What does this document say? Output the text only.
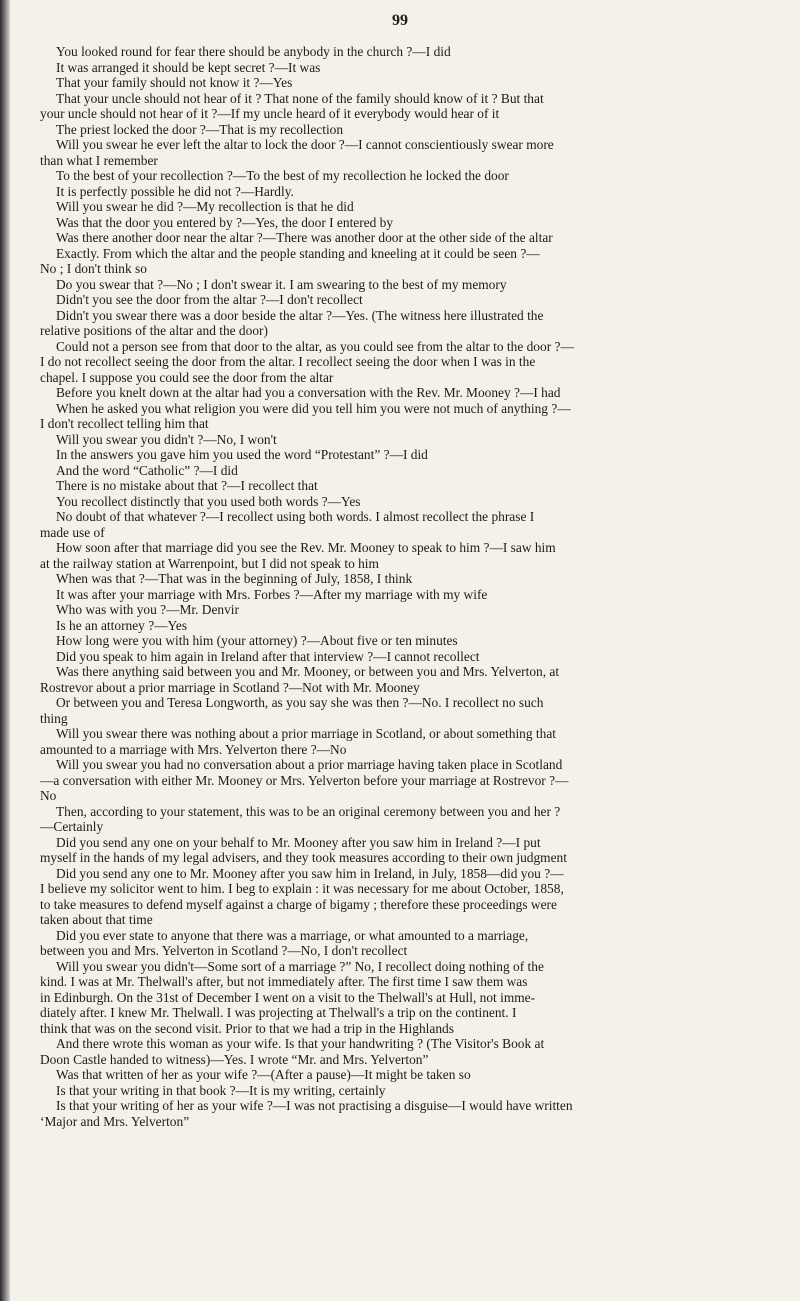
99
You looked round for fear there should be anybody in the church ?—I did
It was arranged it should be kept secret ?—It was
That your family should not know it ?—Yes
That your uncle should not hear of it ? That none of the family should know of it ? But that
your uncle should not hear of it ?—If my uncle heard of it everybody would hear of it
The priest locked the door ?—That is my recollection
Will you swear he ever left the altar to lock the door ?—I cannot conscientiously swear more
than what I remember
To the best of your recollection ?—To the best of my recollection he locked the door
It is perfectly possible he did not ?—Hardly.
Will you swear he did ?—My recollection is that he did
Was that the door you entered by ?—Yes, the door I entered by
Was there another door near the altar ?—There was another door at the other side of the altar
Exactly. From which the altar and the people standing and kneeling at it could be seen ?—
No ; I don't think so
Do you swear that ?—No ; I don't swear it. I am swearing to the best of my memory
Didn't you see the door from the altar ?—I don't recollect
Didn't you swear there was a door beside the altar ?—Yes. (The witness here illustrated the
relative positions of the altar and the door)
Could not a person see from that door to the altar, as you could see from the altar to the door ?—
I do not recollect seeing the door from the altar. I recollect seeing the door when I was in the
chapel. I suppose you could see the door from the altar
Before you knelt down at the altar had you a conversation with the Rev. Mr. Mooney ?—I had
When he asked you what religion you were did you tell him you were not much of anything ?—
I don't recollect telling him that
Will you swear you didn't ?—No, I won't
In the answers you gave him you used the word “Protestant” ?—I did
And the word “Catholic” ?—I did
There is no mistake about that ?—I recollect that
You recollect distinctly that you used both words ?—Yes
No doubt of that whatever ?—I recollect using both words. I almost recollect the phrase I
made use of
How soon after that marriage did you see the Rev. Mr. Mooney to speak to him ?—I saw him
at the railway station at Warrenpoint, but I did not speak to him
When was that ?—That was in the beginning of July, 1858, I think
It was after your marriage with Mrs. Forbes ?—After my marriage with my wife
Who was with you ?—Mr. Denvir
Is he an attorney ?—Yes
How long were you with him (your attorney) ?—About five or ten minutes
Did you speak to him again in Ireland after that interview ?—I cannot recollect
Was there anything said between you and Mr. Mooney, or between you and Mrs. Yelverton, at
Rostrevor about a prior marriage in Scotland ?—Not with Mr. Mooney
Or between you and Teresa Longworth, as you say she was then ?—No. I recollect no such
thing
Will you swear there was nothing about a prior marriage in Scotland, or about something that
amounted to a marriage with Mrs. Yelverton there ?—No
Will you swear you had no conversation about a prior marriage having taken place in Scotland
—a conversation with either Mr. Mooney or Mrs. Yelverton before your marriage at Rostrevor ?—
No
Then, according to your statement, this was to be an original ceremony between you and her ?
—Certainly
Did you send any one on your behalf to Mr. Mooney after you saw him in Ireland ?—I put
myself in the hands of my legal advisers, and they took measures according to their own judgment
Did you send any one to Mr. Mooney after you saw him in Ireland, in July, 1858—did you ?—
I believe my solicitor went to him. I beg to explain : it was necessary for me about October, 1858,
to take measures to defend myself against a charge of bigamy ; therefore these proceedings were
taken about that time
Did you ever state to anyone that there was a marriage, or what amounted to a marriage,
between you and Mrs. Yelverton in Scotland ?—No, I don't recollect
Will you swear you didn't—Some sort of a marriage ?” No, I recollect doing nothing of the
kind. I was at Mr. Thelwall's after, but not immediately after. The first time I saw them was
in Edinburgh. On the 31st of December I went on a visit to the Thelwall's at Hull, not imme-
diately after. I knew Mr. Thelwall. I was projecting at Thelwall's a trip on the continent. I
think that was on the second visit. Prior to that we had a trip in the Highlands
And there wrote this woman as your wife. Is that your handwriting ? (The Visitor's Book at
Doon Castle handed to witness)—Yes. I wrote “Mr. and Mrs. Yelverton”
Was that written of her as your wife ?—(After a pause)—It might be taken so
Is that your writing in that book ?—It is my writing, certainly
Is that your writing of her as your wife ?—I was not practising a disguise—I would have written
‘Major and Mrs. Yelverton”
